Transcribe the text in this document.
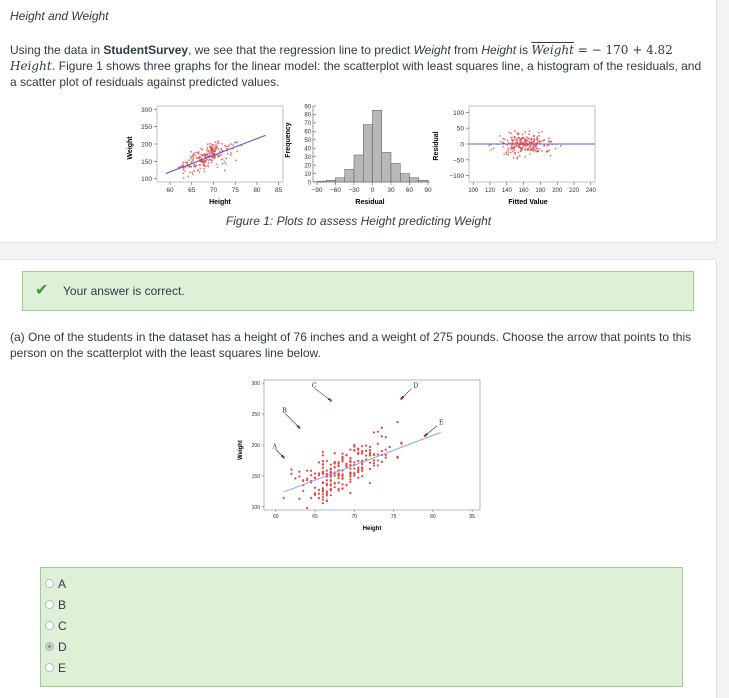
Height and Weight
Using the data in StudentSurvey, we see that the regression line to predict Weight from Height is Weight = − 170 + 4.82 Height. Figure 1 shows three graphs for the linear model: the scatterplot with least squares line, a histogram of the residuals, and a scatter plot of residuals against predicted values.
Weight
100
150
200
250
300
60 65 70 75 80 85
Height
Frequency
0
10
20
30
40
50
60
70
80
90
−90 −60 −30 0 30 60 90
Residual
Residual
−100
−50
0
50
100
100 120 140 160 180 200 220 240
Fitted Value
Figure 1: Plots to assess Height predicting Weight
✔ Your answer is correct.
(a) One of the students in the dataset has a height of 76 inches and a weight of 275 pounds. Choose the arrow that points to this person on the scatterplot with the least squares line below.
100
150
200
250
300
60	65	70	75	80	85
A
B
C	D
E
Weight
Height
A
B
C
D
E
